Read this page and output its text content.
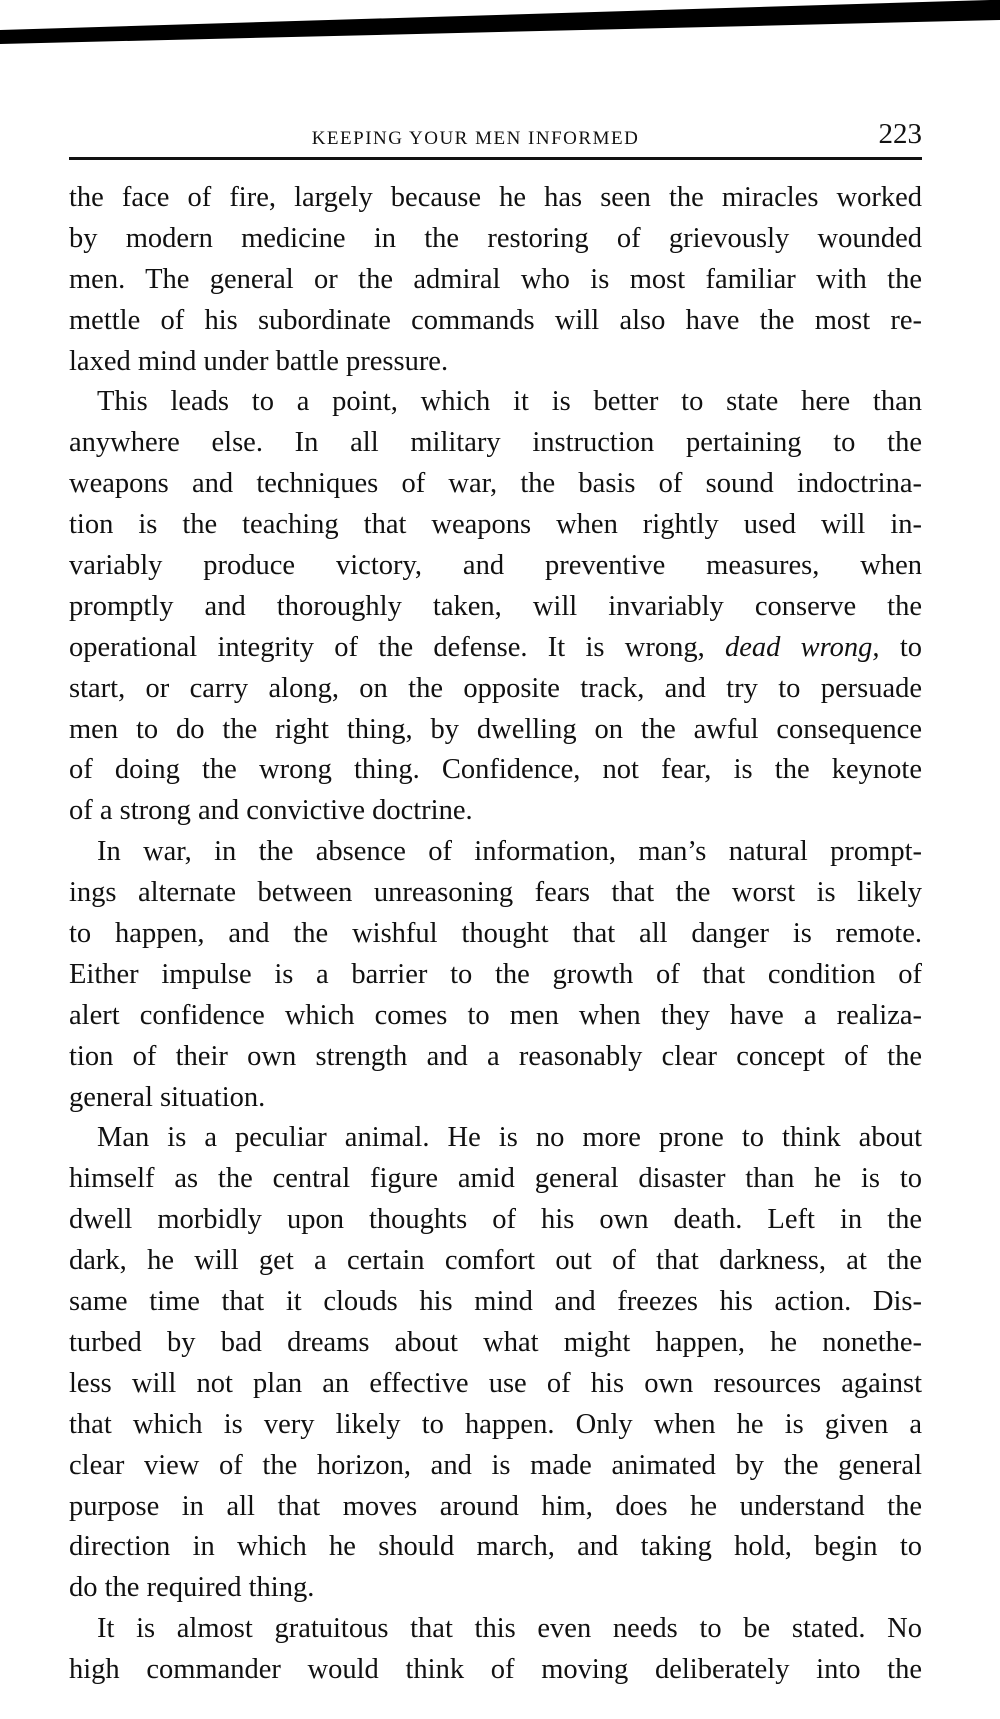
KEEPING YOUR MEN INFORMED	223
the face of fire, largely because he has seen the miracles worked
by modern medicine in the restoring of grievously wounded
men. The general or the admiral who is most familiar with the
mettle of his subordinate commands will also have the most re-
laxed mind under battle pressure.
This leads to a point, which it is better to state here than
anywhere else. In all military instruction pertaining to the
weapons and techniques of war, the basis of sound indoctrina-
tion is the teaching that weapons when rightly used will in-
variably produce victory, and preventive measures, when
promptly and thoroughly taken, will invariably conserve the
operational integrity of the defense. It is wrong, dead wrong, to
start, or carry along, on the opposite track, and try to persuade
men to do the right thing, by dwelling on the awful consequence
of doing the wrong thing. Confidence, not fear, is the keynote
of a strong and convictive doctrine.
In war, in the absence of information, man’s natural prompt-
ings alternate between unreasoning fears that the worst is likely
to happen, and the wishful thought that all danger is remote.
Either impulse is a barrier to the growth of that condition of
alert confidence which comes to men when they have a realiza-
tion of their own strength and a reasonably clear concept of the
general situation.
Man is a peculiar animal. He is no more prone to think about
himself as the central figure amid general disaster than he is to
dwell morbidly upon thoughts of his own death. Left in the
dark, he will get a certain comfort out of that darkness, at the
same time that it clouds his mind and freezes his action. Dis-
turbed by bad dreams about what might happen, he nonethe-
less will not plan an effective use of his own resources against
that which is very likely to happen. Only when he is given a
clear view of the horizon, and is made animated by the general
purpose in all that moves around him, does he understand the
direction in which he should march, and taking hold, begin to
do the required thing.
It is almost gratuitous that this even needs to be stated. No
high commander would think of moving deliberately into the
